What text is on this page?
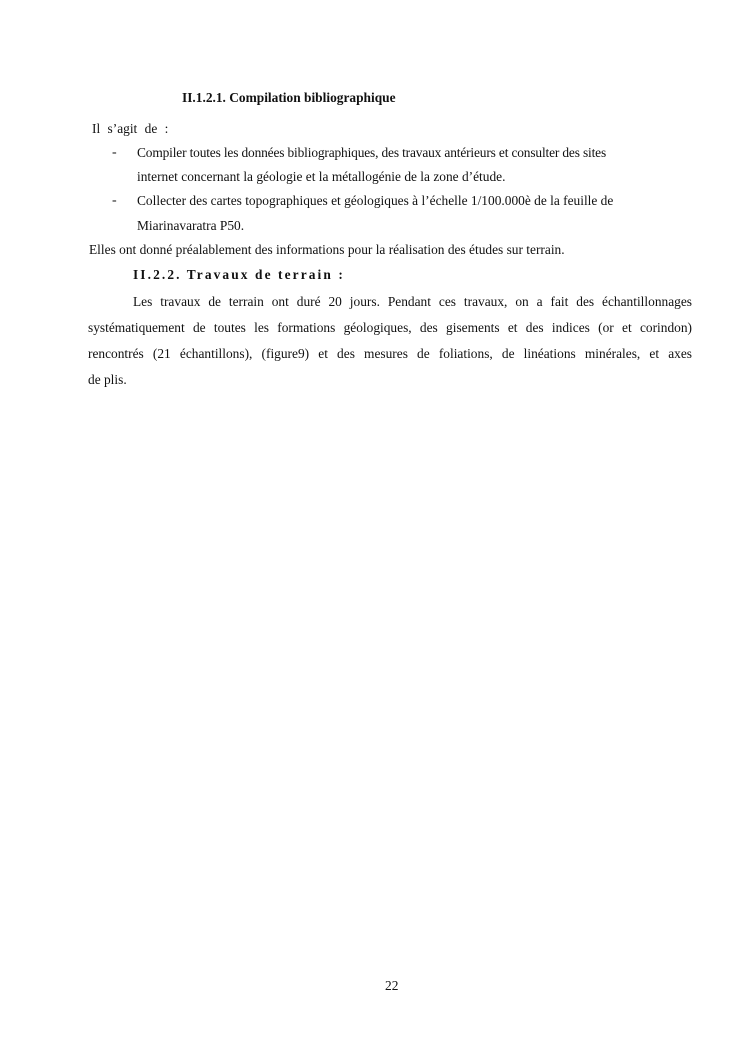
II.1.2.1. Compilation bibliographique

Il s’agit de :

- Compiler toutes les données bibliographiques, des travaux antérieurs et consulter des sites

internet concernant la géologie et la métallogénie de la zone d’étude.

- Collecter des cartes topographiques et géologiques à l’échelle 1/100.000è de la feuille de

Miarinavaratra P50.

Elles ont donné préalablement des informations pour la réalisation des études sur terrain.

II.2.2. Travaux de terrain :

Les travaux de terrain ont duré 20 jours. Pendant ces travaux, on a fait des échantillonnages

systématiquement de toutes les formations géologiques, des gisements et des indices (or et corindon)

rencontrés (21 échantillons), (figure9) et des mesures de foliations, de linéations minérales, et axes

de plis.

22
